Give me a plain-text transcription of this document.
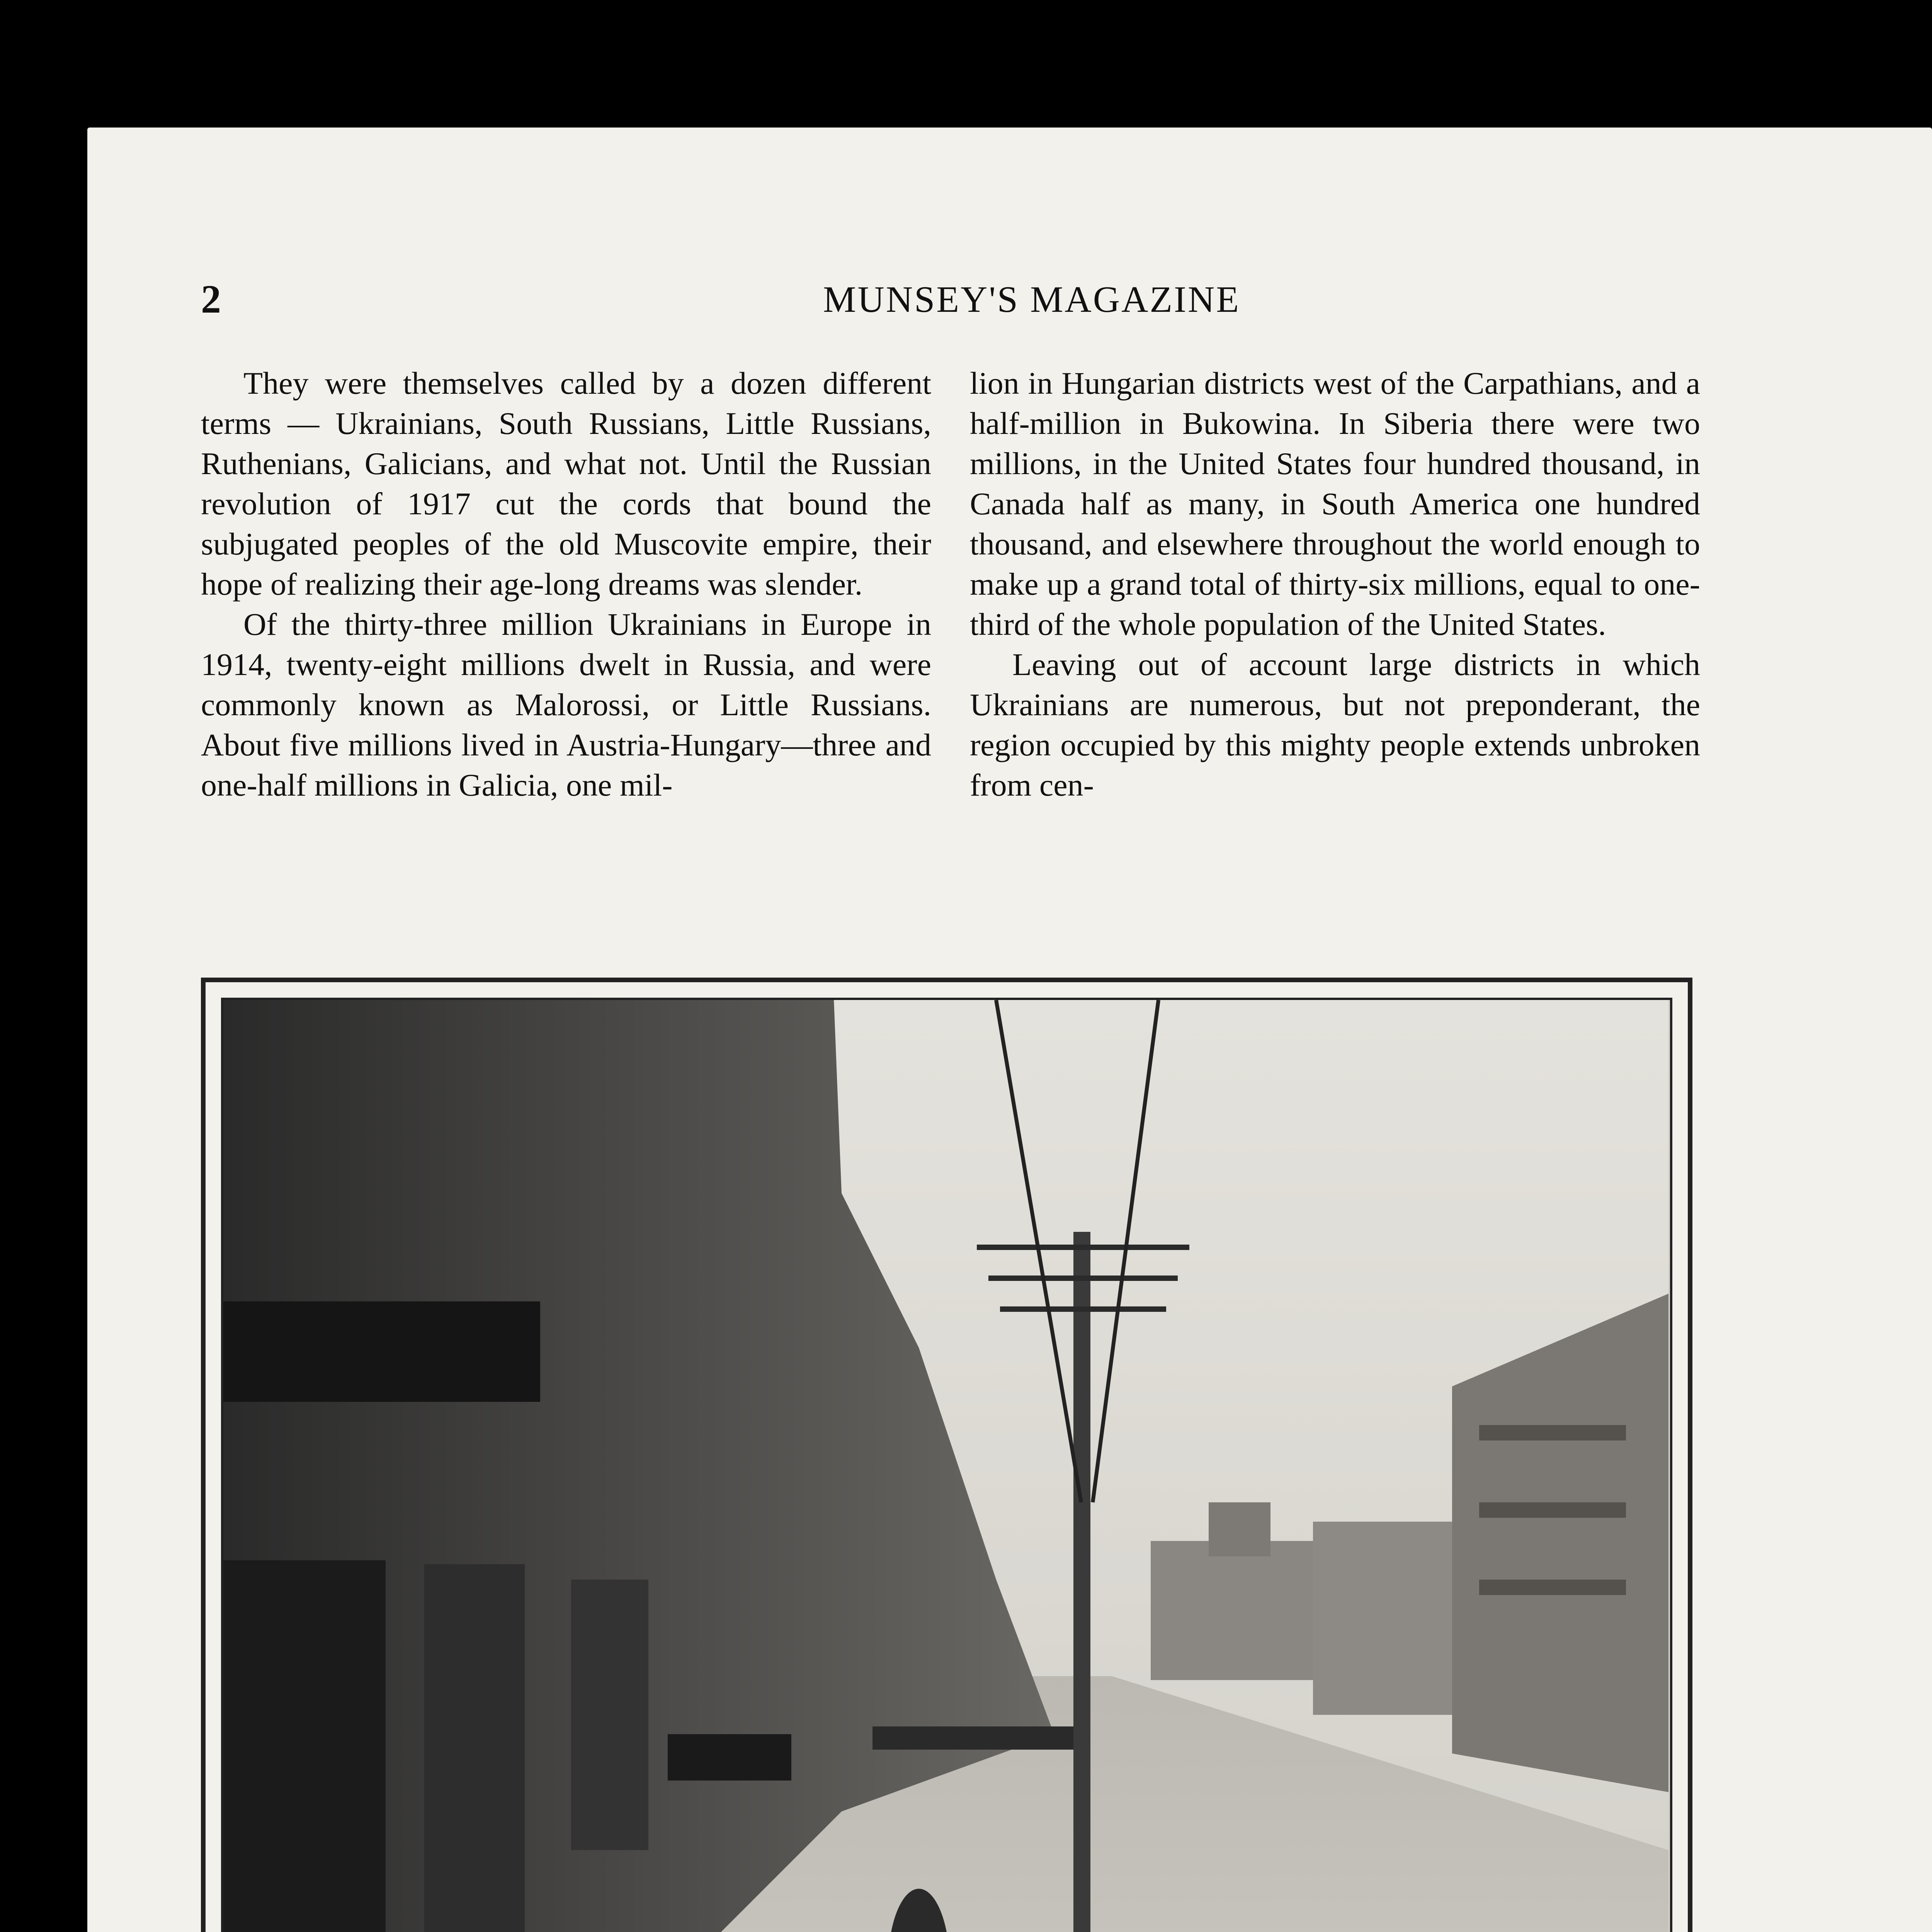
2	MUNSEY'S MAGAZINE

They were themselves called by a dozen different terms — Ukrainians, South Russians, Little Russians, Ruthenians, Galicians, and what not. Until the Russian revolution of 1917 cut the cords that bound the subjugated peoples of the old Muscovite empire, their hope of realizing their age-long dreams was slender.

Of the thirty-three million Ukrainians in Europe in 1914, twenty-eight millions dwelt in Russia, and were commonly known as Malorossi, or Little Russians. About five millions lived in Austria-Hungary—three and one-half millions in Galicia, one mil-

lion in Hungarian districts west of the Carpathians, and a half-million in Bukowina. In Siberia there were two millions, in the United States four hundred thousand, in Canada half as many, in South America one hundred thousand, and elsewhere throughout the world enough to make up a grand total of thirty-six millions, equal to one-third of the whole population of the United States.

Leaving out of account large districts in which Ukrainians are numerous, but not preponderant, the region occupied by this mighty people extends unbroken from cen-
